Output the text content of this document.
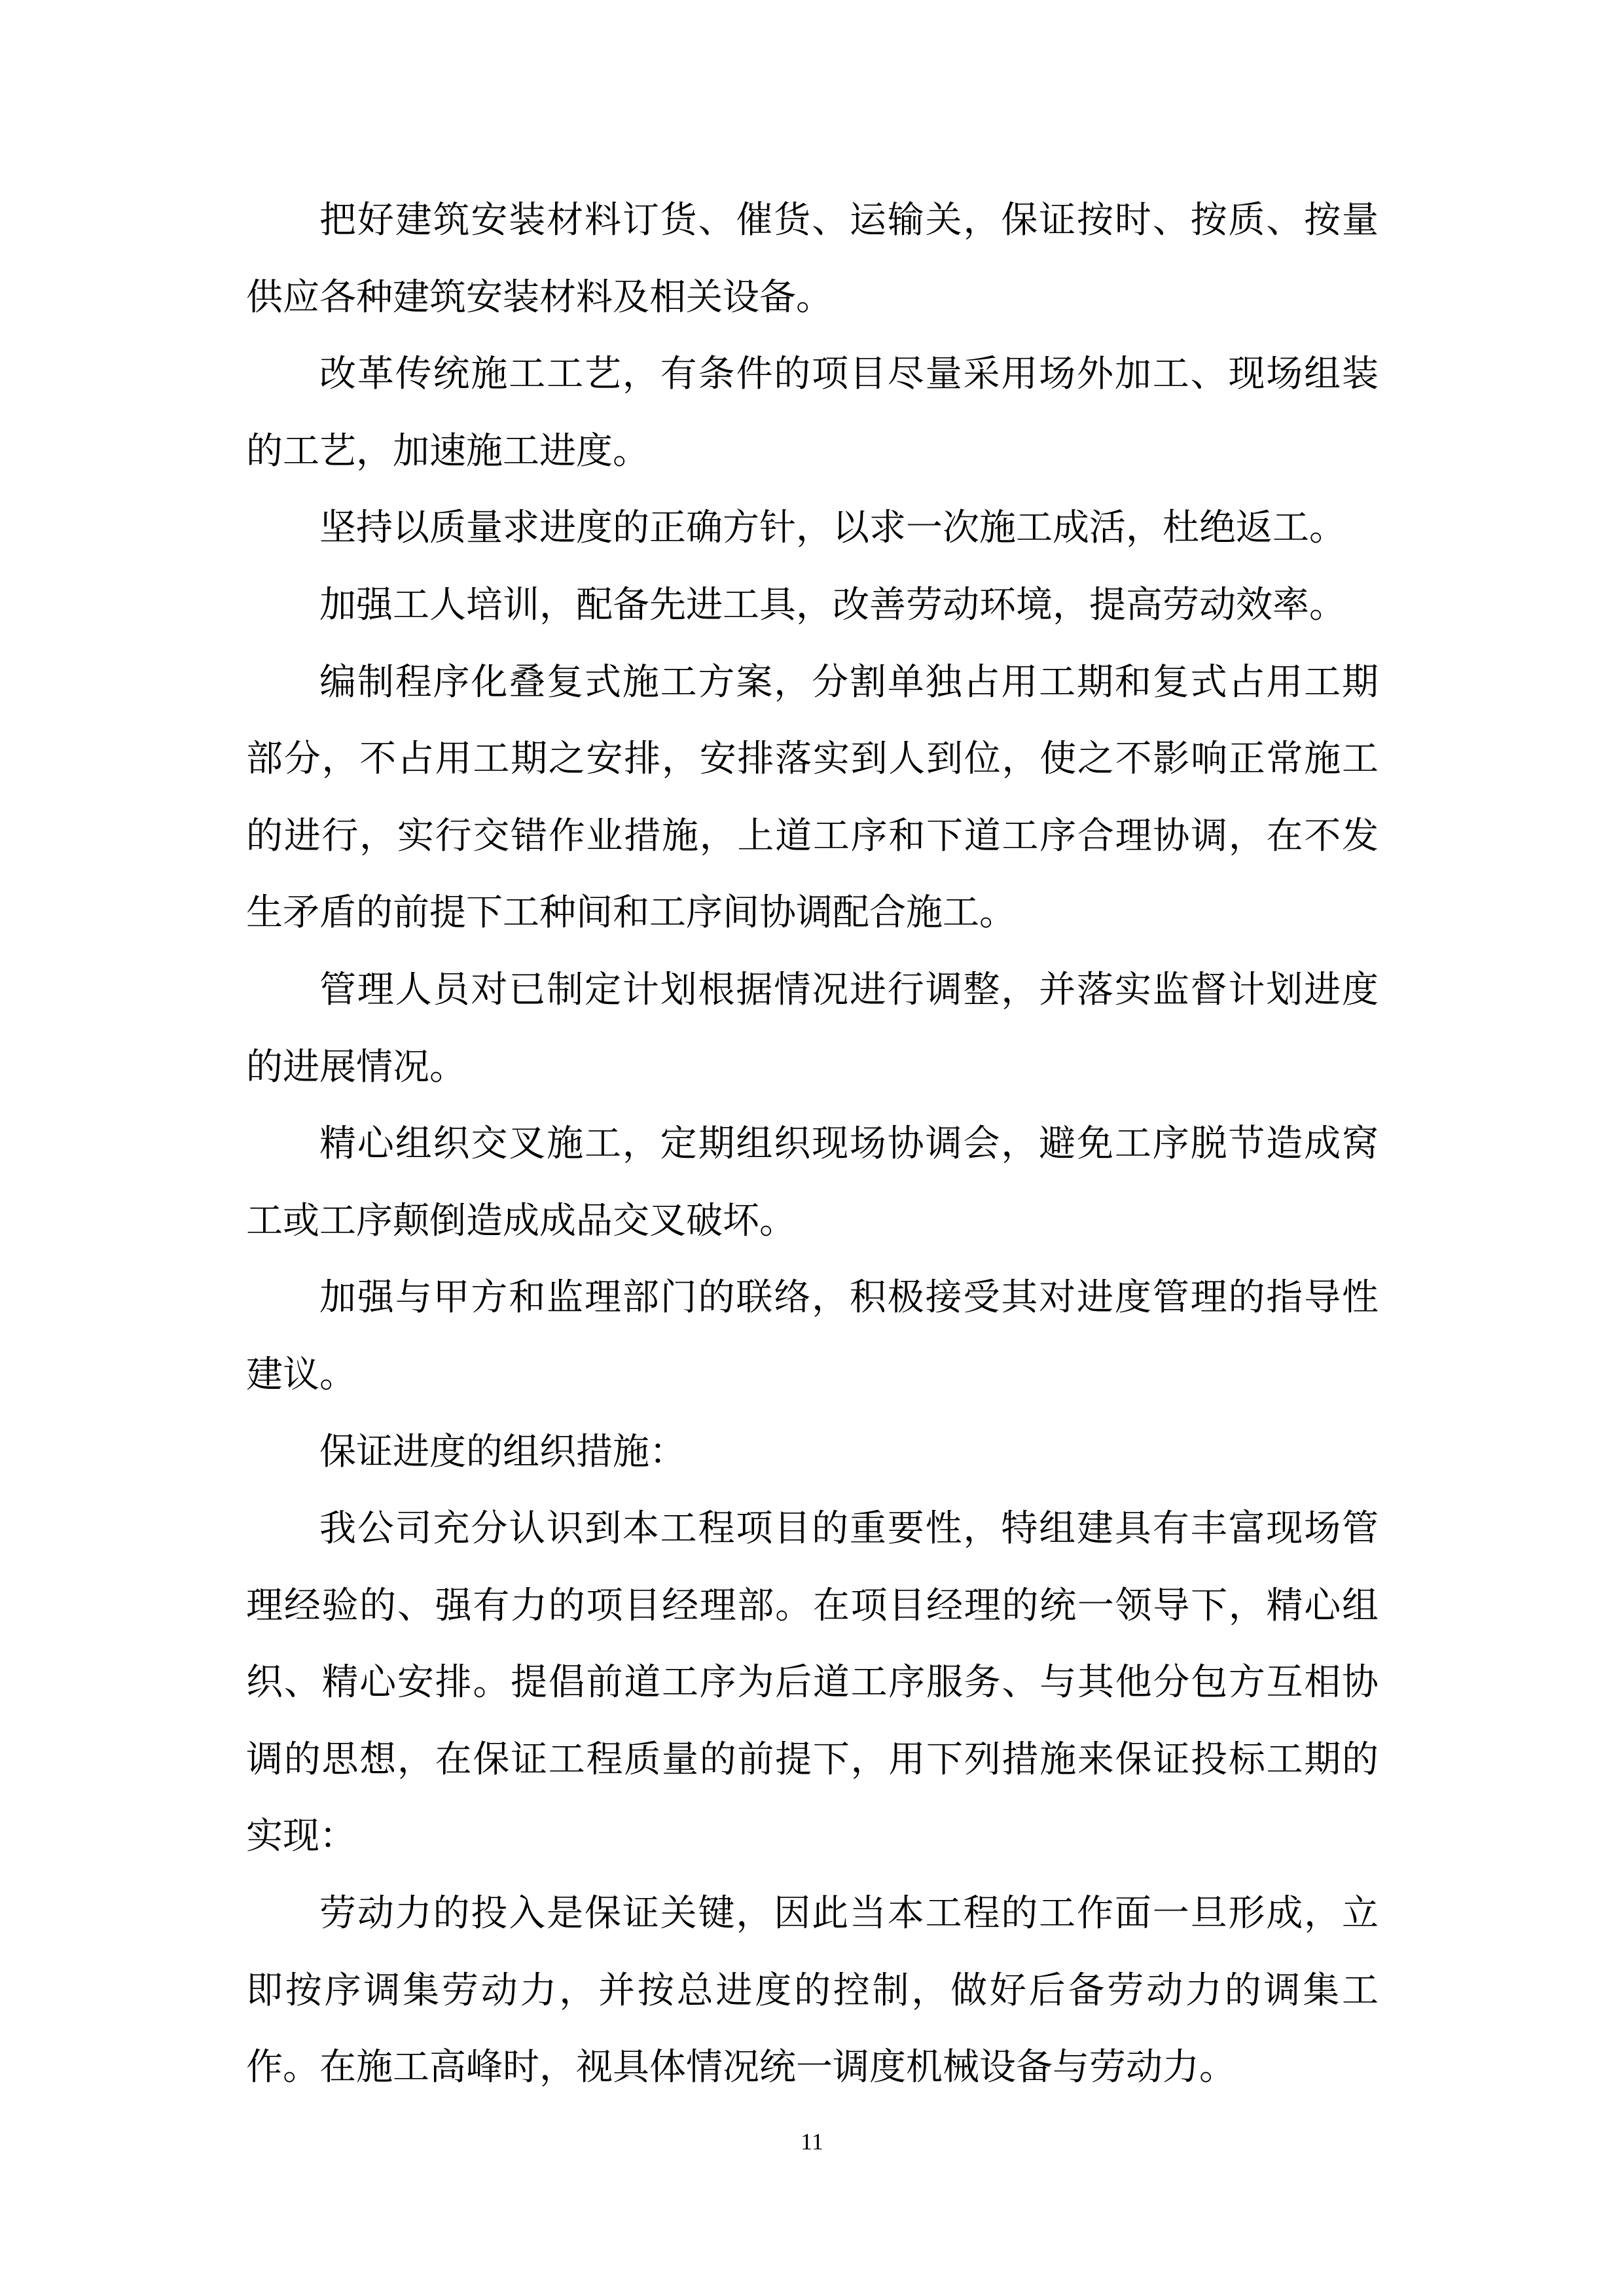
把好建筑安装材料订货、催货、运输关，保证按时、按质、按量供应各种建筑安装材料及相关设备。

改革传统施工工艺，有条件的项目尽量采用场外加工、现场组装的工艺，加速施工进度。

坚持以质量求进度的正确方针，以求一次施工成活，杜绝返工。

加强工人培训，配备先进工具，改善劳动环境，提高劳动效率。

编制程序化叠复式施工方案，分割单独占用工期和复式占用工期部分，不占用工期之安排，安排落实到人到位，使之不影响正常施工的进行，实行交错作业措施，上道工序和下道工序合理协调，在不发生矛盾的前提下工种间和工序间协调配合施工。

管理人员对已制定计划根据情况进行调整，并落实监督计划进度的进展情况。

精心组织交叉施工，定期组织现场协调会，避免工序脱节造成窝工或工序颠倒造成成品交叉破坏。

加强与甲方和监理部门的联络，积极接受其对进度管理的指导性建议。

保证进度的组织措施：

我公司充分认识到本工程项目的重要性，特组建具有丰富现场管理经验的、强有力的项目经理部。在项目经理的统一领导下，精心组织、精心安排。提倡前道工序为后道工序服务、与其他分包方互相协调的思想，在保证工程质量的前提下，用下列措施来保证投标工期的实现：

劳动力的投入是保证关键，因此当本工程的工作面一旦形成，立即按序调集劳动力，并按总进度的控制，做好后备劳动力的调集工作。在施工高峰时，视具体情况统一调度机械设备与劳动力。

11
